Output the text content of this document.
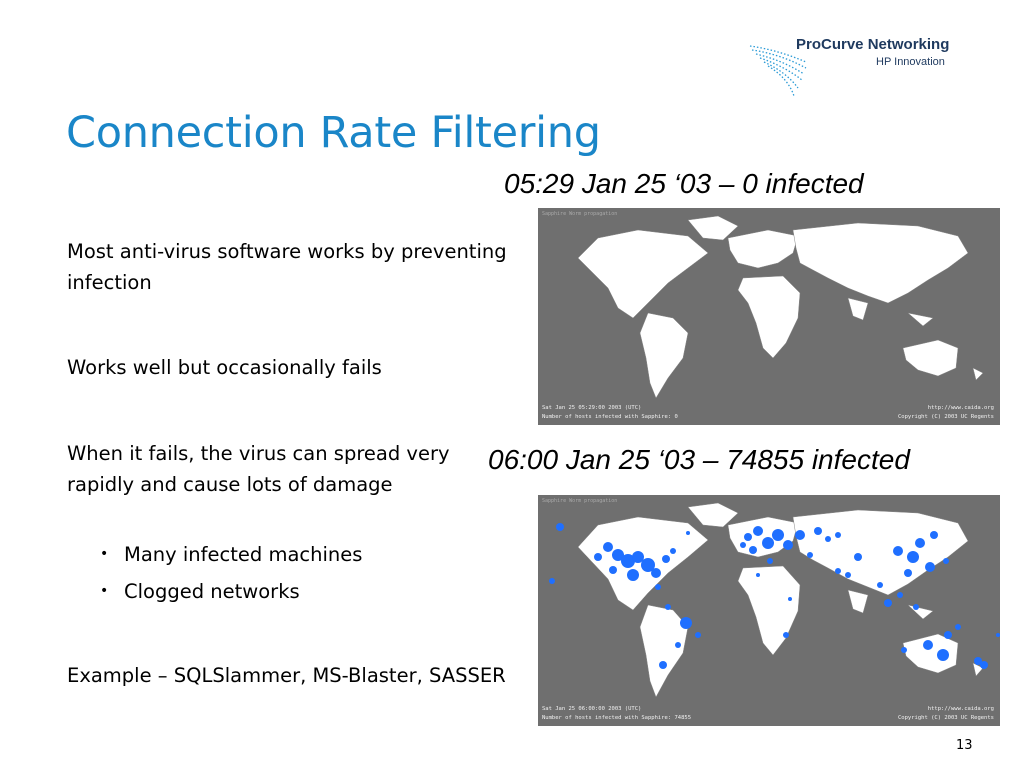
ProCurve Networking
HP Innovation
Connection Rate Filtering
05:29 Jan 25 ‘03 – 0 infected
06:00 Jan 25 ‘03 – 74855 infected
Most anti-virus software works by preventing infection
Works well but occasionally fails
When it fails, the virus can spread very rapidly and cause lots of damage
• Many infected machines
• Clogged networks
Example – SQLSlammer, MS-Blaster, SASSER
Sapphire Worm propagation
Sat Jan 25 05:29:00 2003 (UTC)
Number of hosts infected with Sapphire: 0
http://www.caida.org
Copyright (C) 2003 UC Regents
Sapphire Worm propagation
Sat Jan 25 06:00:00 2003 (UTC)
Number of hosts infected with Sapphire: 74855
http://www.caida.org
Copyright (C) 2003 UC Regents
13
